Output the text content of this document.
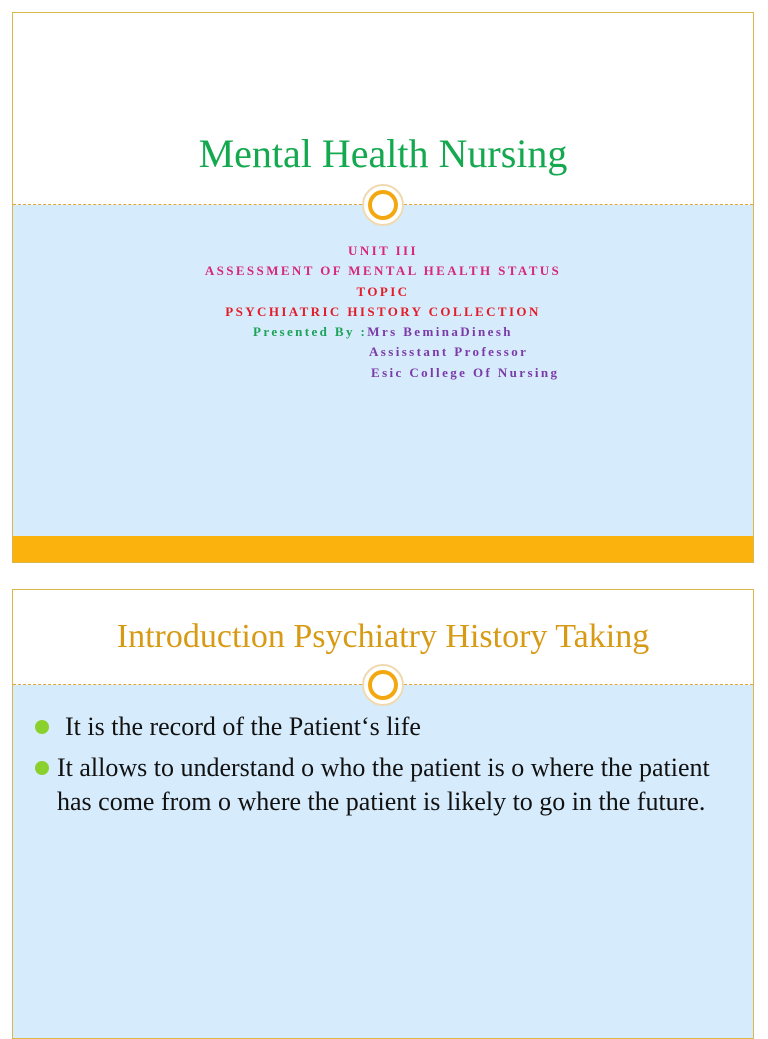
Mental Health Nursing
UNIT III
ASSESSMENT OF MENTAL HEALTH STATUS
TOPIC
PSYCHIATRIC HISTORY COLLECTION
Presented By :Mrs BeminaDinesh
Assisstant Professor
Esic College Of Nursing
Introduction Psychiatry History Taking
It is the record of the Patient‘s life
It allows to understand o who the patient is o where the patient has come from o where the patient is likely to go in the future.
